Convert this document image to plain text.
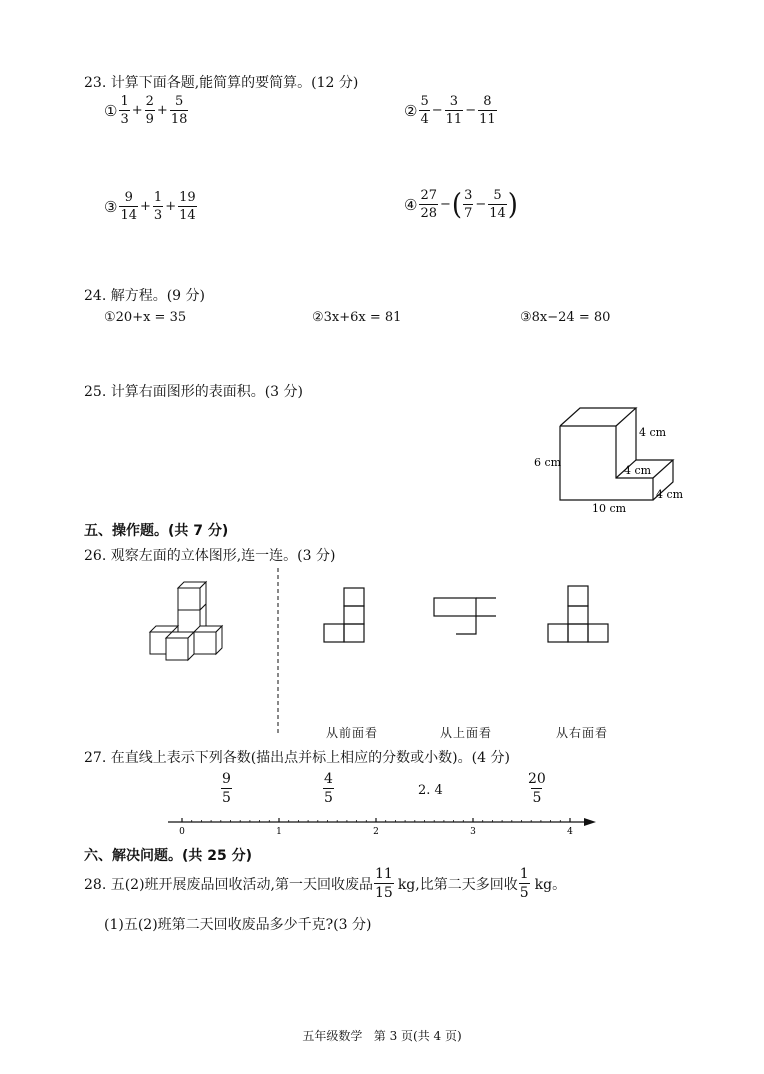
23. 计算下面各题,能简算的要简算。(12 分)
① $\frac{1}{3} + \frac{2}{9} + \frac{5}{18}$	② $\frac{5}{4} - \frac{3}{11} - \frac{8}{11}$
③ $\frac{9}{14} + \frac{1}{3} + \frac{19}{14}$	④ $\frac{27}{28}$ − ( $\frac{3}{7} - \frac{5}{14}$ )
24. 解方程。(9 分)
①20+x = 35	②3x+6x = 81	③8x−24 = 80
25. 计算右面图形的表面积。(3 分)
6 cm
4 cm
4 cm
4 cm
10 cm
五、操作题。(共 7 分)
26. 观察左面的立体图形,连一连。(3 分)
从前面看	从上面看	从右面看
27. 在直线上表示下列各数(描出点并标上相应的分数或小数)。(4 分)
$\frac{9}{5}$	$\frac{4}{5}$	2. 4	$\frac{20}{5}$
0	1	2	3	4
六、解决问题。(共 25 分)
28. 五(2)班开展废品回收活动,第一天回收废品 $\frac{11}{15}$ kg,比第二天多回收 $\frac{1}{5}$ kg。
(1)五(2)班第二天回收废品多少千克?(3 分)
五年级数学   第 3 页(共 4 页)
